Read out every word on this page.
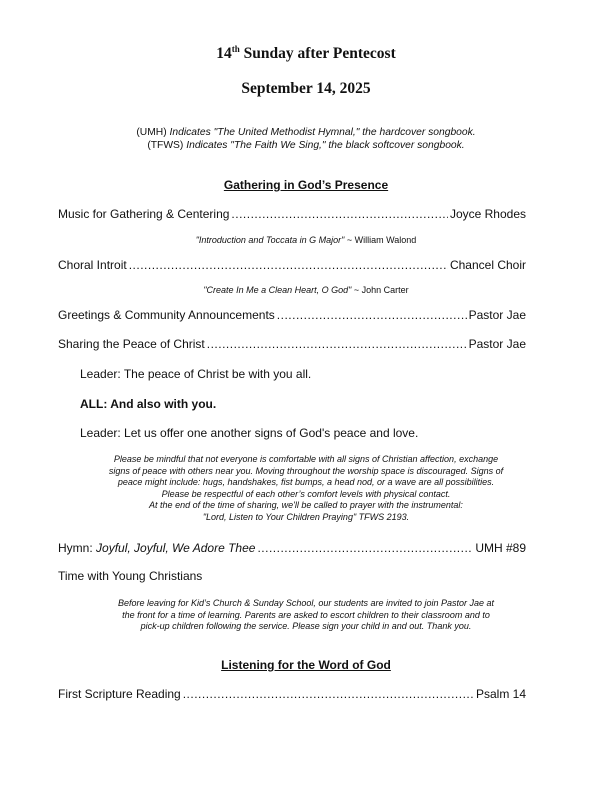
14th Sunday after Pentecost
September 14, 2025
(UMH) Indicates "The United Methodist Hymnal," the hardcover songbook.
(TFWS) Indicates "The Faith We Sing," the black softcover songbook.
Gathering in God’s Presence
Music for Gathering & Centering .....	Joyce Rhodes
"Introduction and Toccata in G Major" ~ William Walond
Choral Introit .....	Chancel Choir
"Create In Me a Clean Heart, O God" ~ John Carter
Greetings & Community Announcements .....	Pastor Jae
Sharing the Peace of Christ .....	Pastor Jae
Leader: The peace of Christ be with you all.
ALL: And also with you.
Leader: Let us offer one another signs of God's peace and love.
Please be mindful that not everyone is comfortable with all signs of Christian affection, exchange
signs of peace with others near you. Moving throughout the worship space is discouraged. Signs of
peace might include: hugs, handshakes, fist bumps, a head nod, or a wave are all possibilities.
Please be respectful of each other’s comfort levels with physical contact.
At the end of the time of sharing, we'll be called to prayer with the instrumental:
"Lord, Listen to Your Children Praying" TFWS 2193.
Hymn: Joyful, Joyful, We Adore Thee .....	UMH #89
Time with Young Christians
Before leaving for Kid’s Church & Sunday School, our students are invited to join Pastor Jae at
the front for a time of learning. Parents are asked to escort children to their classroom and to
pick-up children following the service. Please sign your child in and out. Thank you.
Listening for the Word of God
First Scripture Reading .....	Psalm 14
